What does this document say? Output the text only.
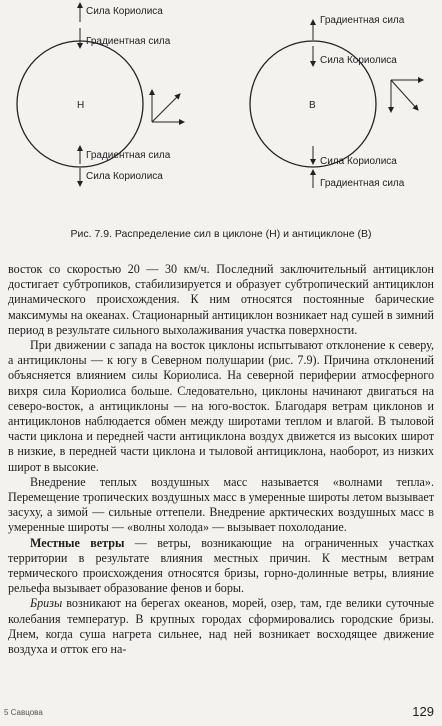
Н
Сила Кориолиса
Градиентная сила
Градиентная сила
Сила Кориолиса
В
Градиентная сила
Сила Кориолиса
Сила Кориолиса
Градиентная сила
Рис. 7.9. Распределение сил в циклоне (Н) и антициклоне (В)

восток со скоростью 20 — 30 км/ч. Последний заключительный антициклон достигает субтропиков, стабилизируется и образует субтропический антициклон динамического происхождения. К ним относятся постоянные барические максимумы на океанах. Стационарный антициклон возникает над сушей в зимний период в результате сильного выхолаживания участка поверхности.

При движении с запада на восток циклоны испытывают отклонение к северу, а антициклоны — к югу в Северном полушарии (рис. 7.9). Причина отклонений объясняется влиянием силы Кориолиса. На северной периферии атмосферного вихря сила Кориолиса больше. Следовательно, циклоны начинают двигаться на северо-восток, а антициклоны — на юго-восток. Благодаря ветрам циклонов и антициклонов наблюдается обмен между широтами теплом и влагой. В тыловой части циклона и передней части антициклона воздух движется из высоких широт в низкие, в передней части циклона и тыловой антициклона, наоборот, из низких широт в высокие.

Внедрение теплых воздушных масс называется «волнами тепла». Перемещение тропических воздушных масс в умеренные широты летом вызывает засуху, а зимой — сильные оттепели. Внедрение арктических воздушных масс в умеренные широты — «волны холода» — вызывает похолодание.

Местные ветры — ветры, возникающие на ограниченных участках территории в результате влияния местных причин. К местным ветрам термического происхождения относятся бризы, горно-долинные ветры, влияние рельефа вызывает образование фенов и боры.

Бризы возникают на берегах океанов, морей, озер, там, где велики суточные колебания температур. В крупных городах сформировались городские бризы. Днем, когда суша нагрета сильнее, над ней возникает восходящее движение воздуха и отток его на-

5 Савцова	129
